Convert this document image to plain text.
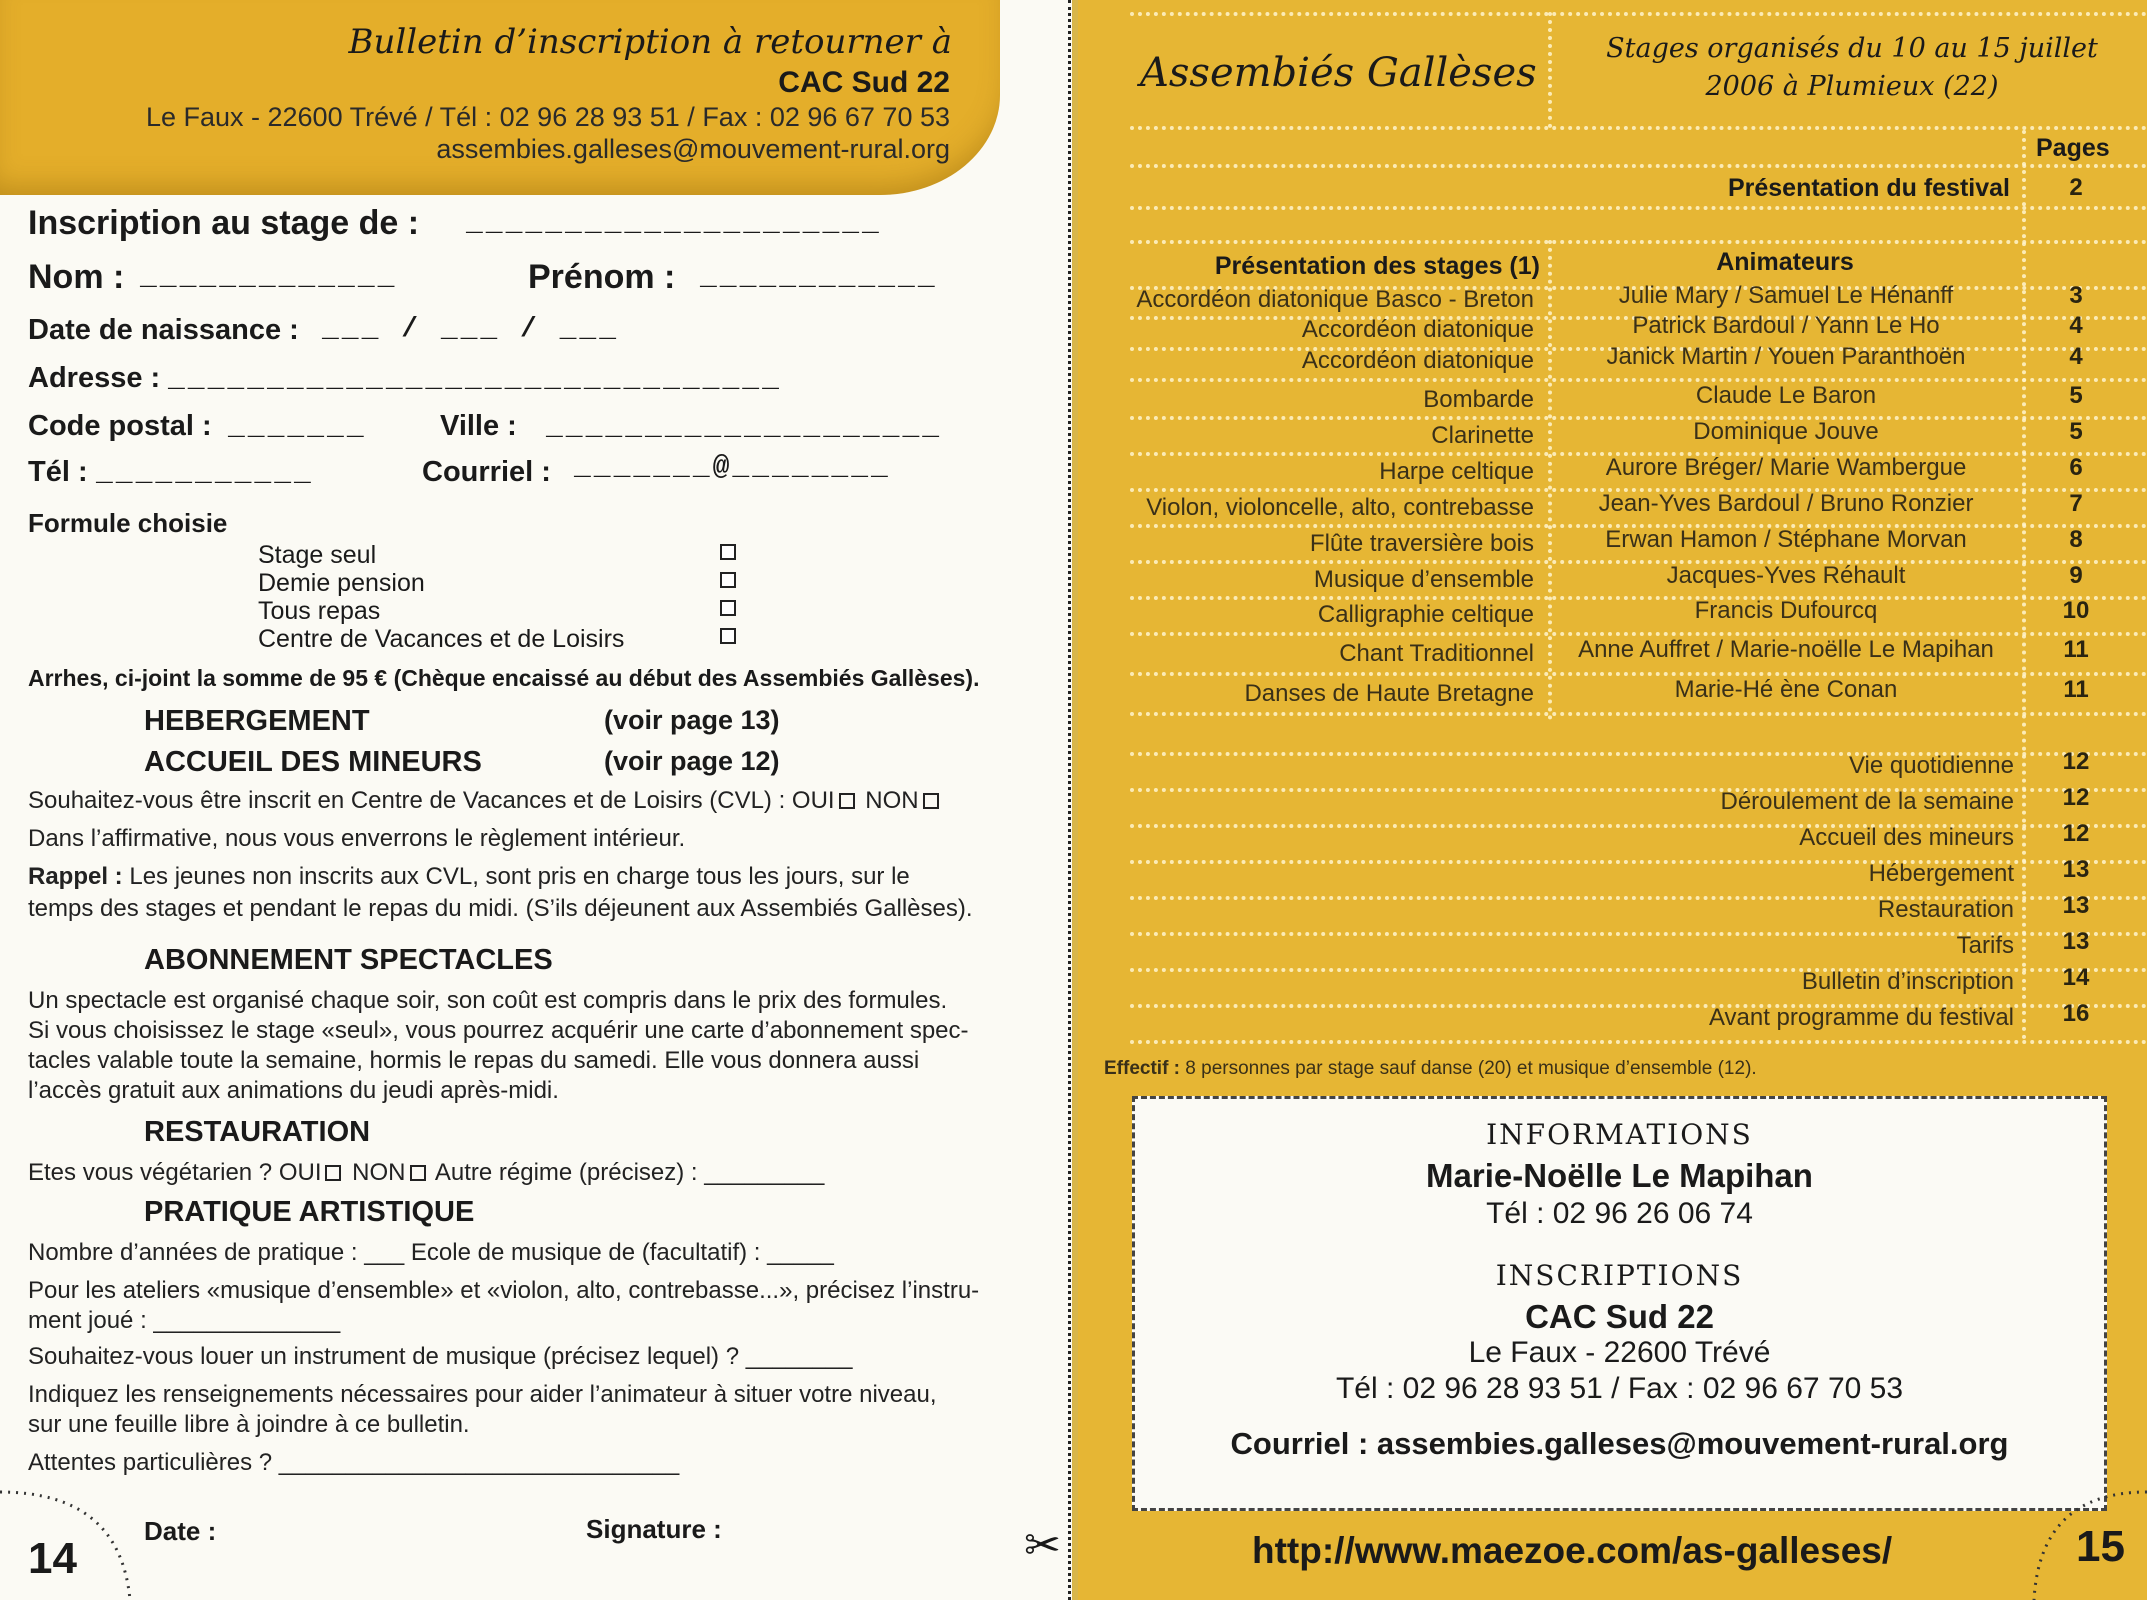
Bulletin d’inscription à retourner à
CAC Sud 22
Le Faux - 22600 Trévé / Tél : 02 96 28 93 51 / Fax : 02 96 67 70 53
assembies.galleses@mouvement-rural.org
Inscription au stage de : _____________________
Nom : _____________	Prénom : ____________
Date de naissance : ___ / ___ / ___
Adresse : _______________________________
Code postal : _______	Ville : ____________________
Tél : ___________	Courriel : _______@________
Formule choisie
Stage seul
Demie pension
Tous repas
Centre de Vacances et de Loisirs
Arrhes, ci-joint la somme de 95 € (Chèque encaissé au début des Assembiés Gallèses).
HEBERGEMENT	(voir page 13)
ACCUEIL DES MINEURS	(voir page 12)
Souhaitez-vous être inscrit en Centre de Vacances et de Loisirs (CVL) : OUI NON
Dans l’affirmative, nous vous enverrons le règlement intérieur.
Rappel : Les jeunes non inscrits aux CVL, sont pris en charge tous les jours, sur le
temps des stages et pendant le repas du midi. (S’ils déjeunent aux Assembiés Gallèses).
ABONNEMENT SPECTACLES
Un spectacle est organisé chaque soir, son coût est compris dans le prix des formules.
Si vous choisissez le stage «seul», vous pourrez acquérir une carte d’abonnement spec-
tacles valable toute la semaine, hormis le repas du samedi. Elle vous donnera aussi
l’accès gratuit aux animations du jeudi après-midi.
RESTAURATION
Etes vous végétarien ? OUI NON Autre régime (précisez) : _________
PRATIQUE ARTISTIQUE
Nombre d’années de pratique : ___ Ecole de musique de (facultatif) : _____
Pour les ateliers «musique d’ensemble» et «violon, alto, contrebasse...», précisez l’instru-
ment joué : ______________
Souhaitez-vous louer un instrument de musique (précisez lequel) ? ________
Indiquez les renseignements nécessaires pour aider l’animateur à situer votre niveau,
sur une feuille libre à joindre à ce bulletin.
Attentes particulières ? ______________________________
14
Date :	Signature :	✂
Assembiés Gallèses
Stages organisés du 10 au 15 juillet
2006 à Plumieux (22)
Pages
Présentation du festival	2
Présentation des stages (1)	Animateurs
Accordéon diatonique Basco - Breton	Julie Mary / Samuel Le Hénanff	3
Accordéon diatonique	Patrick Bardoul / Yann Le Ho	4
Accordéon diatonique	Janick Martin / Youen Paranthoën	4
Bombarde	Claude Le Baron	5
Clarinette	Dominique Jouve	5
Harpe celtique	Aurore Bréger/ Marie Wambergue	6
Violon, violoncelle, alto, contrebasse	Jean-Yves Bardoul / Bruno Ronzier	7
Flûte traversière bois	Erwan Hamon / Stéphane Morvan	8
Musique d’ensemble	Jacques-Yves Réhault	9
Calligraphie celtique	Francis Dufourcq	10
Chant Traditionnel	Anne Auffret / Marie-noëlle Le Mapihan	11
Danses de Haute Bretagne	Marie-Hé ène Conan	11
Vie quotidienne	12
Déroulement de la semaine	12
Accueil des mineurs	12
Hébergement	13
Restauration	13
Tarifs	13
Bulletin d’inscription	14
Avant programme du festival	16
Effectif : 8 personnes par stage sauf danse (20) et musique d’ensemble (12).
INFORMATIONS
Marie-Noëlle Le Mapihan
Tél : 02 96 26 06 74
INSCRIPTIONS
CAC Sud 22
Le Faux - 22600 Trévé
Tél : 02 96 28 93 51 / Fax : 02 96 67 70 53
Courriel : assembies.galleses@mouvement-rural.org
http://www.maezoe.com/as-galleses/	15
